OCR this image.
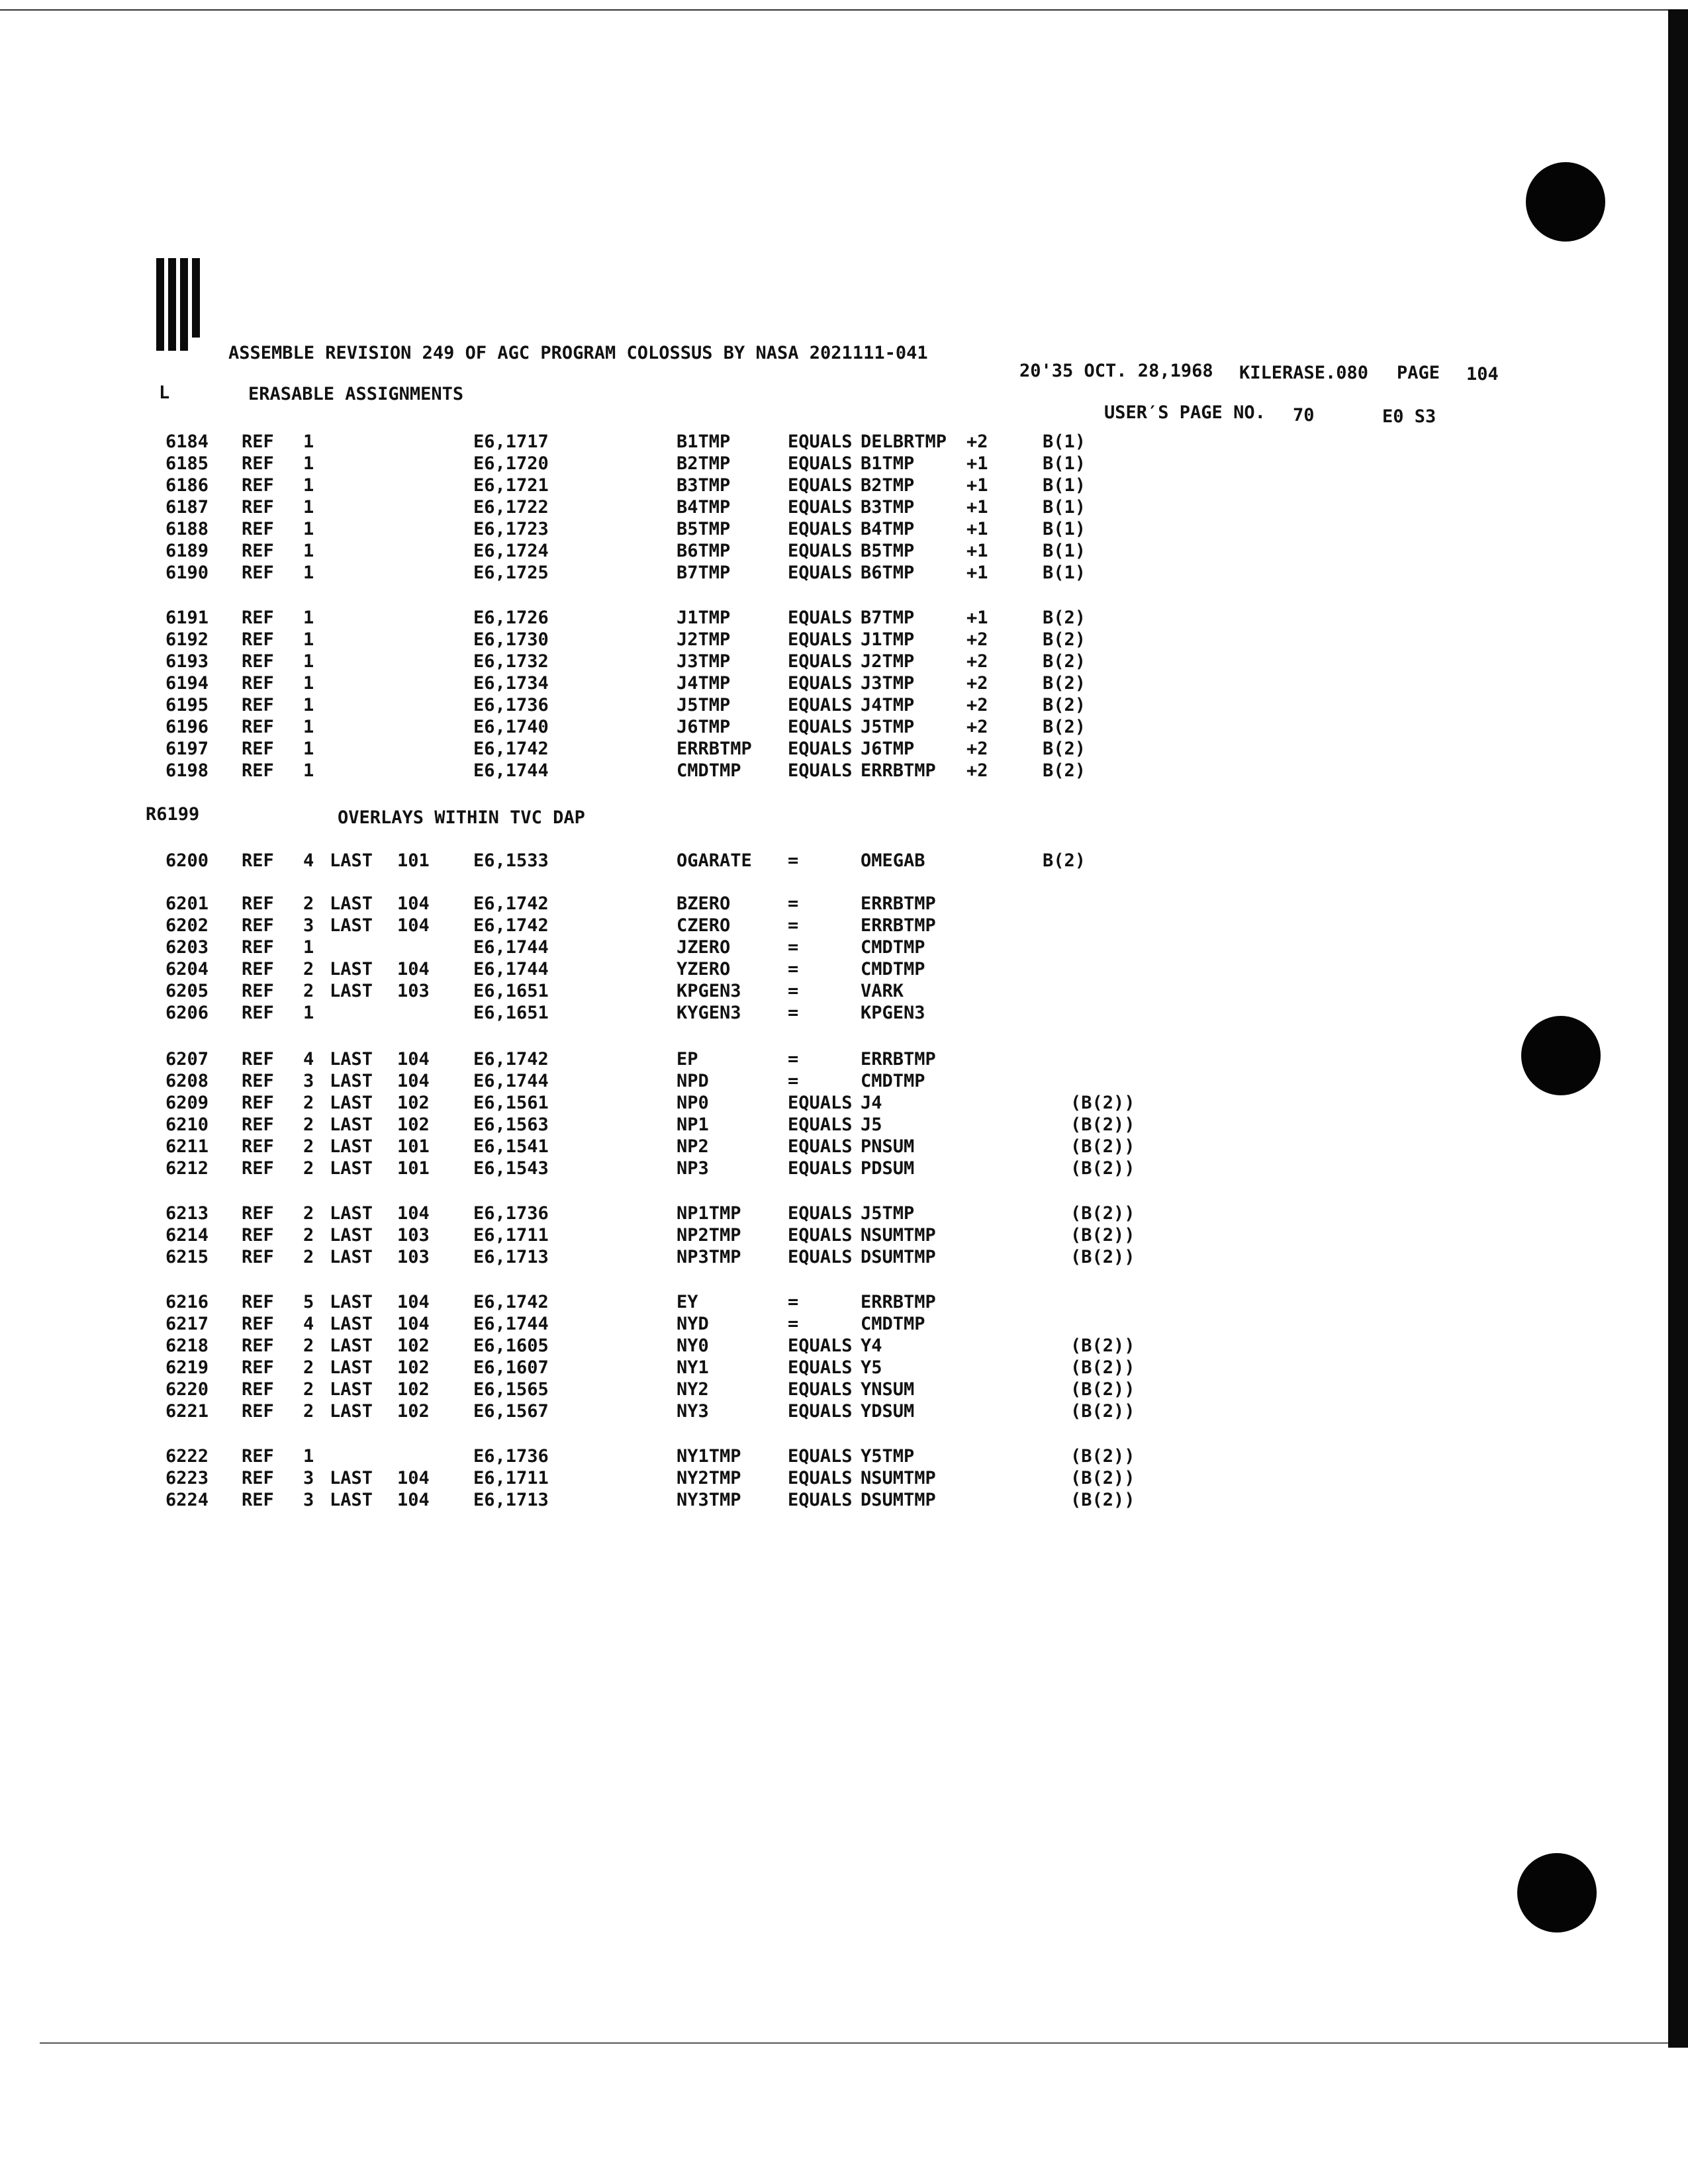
ASSEMBLE REVISION 249 OF AGC PROGRAM COLOSSUS BY NASA 2021111-041
20'35 OCT. 28,1968 KILERASE.080 PAGE 104
L	ERASABLE ASSIGNMENTS
USER′S PAGE NO. 70	E0 S3
R6199	OVERLAYS WITHIN TVC DAP
6184 REF 1	E6,1717	B1TMP	EQUALS DELBRTMP +2	B(1)
6185 REF 1	E6,1720	B2TMP	EQUALS B1TMP	+1	B(1)
6186 REF 1	E6,1721	B3TMP	EQUALS B2TMP	+1	B(1)
6187 REF 1	E6,1722	B4TMP	EQUALS B3TMP	+1	B(1)
6188 REF 1	E6,1723	B5TMP	EQUALS B4TMP	+1	B(1)
6189 REF 1	E6,1724	B6TMP	EQUALS B5TMP	+1	B(1)
6190 REF 1	E6,1725	B7TMP	EQUALS B6TMP	+1	B(1)
6191 REF 1	E6,1726	J1TMP	EQUALS B7TMP	+1	B(2)
6192 REF 1	E6,1730	J2TMP	EQUALS J1TMP	+2	B(2)
6193 REF 1	E6,1732	J3TMP	EQUALS J2TMP	+2	B(2)
6194 REF 1	E6,1734	J4TMP	EQUALS J3TMP	+2	B(2)
6195 REF 1	E6,1736	J5TMP	EQUALS J4TMP	+2	B(2)
6196 REF 1	E6,1740	J6TMP	EQUALS J5TMP	+2	B(2)
6197 REF 1	E6,1742	ERRBTMP EQUALS J6TMP	+2	B(2)
6198 REF 1	E6,1744	CMDTMP	EQUALS ERRBTMP +2	B(2)
6200 REF 4 LAST 101 E6,1533	OGARATE =	OMEGAB	B(2)
6201 REF 2 LAST 104 E6,1742	BZERO	=	ERRBTMP
6202 REF 3 LAST 104 E6,1742	CZERO	=	ERRBTMP
6203 REF 1	E6,1744	JZERO	=	CMDTMP
6204 REF 2 LAST 104 E6,1744	YZERO	=	CMDTMP
6205 REF 2 LAST 103 E6,1651	KPGEN3	=	VARK
6206 REF 1	E6,1651	KYGEN3	=	KPGEN3
6207 REF 4 LAST 104 E6,1742	EP	=	ERRBTMP
6208 REF 3 LAST 104 E6,1744	NPD	=	CMDTMP
6209 REF 2 LAST 102 E6,1561	NP0	EQUALS J4	(B(2))
6210 REF 2 LAST 102 E6,1563	NP1	EQUALS J5	(B(2))
6211 REF 2 LAST 101 E6,1541	NP2	EQUALS PNSUM	(B(2))
6212 REF 2 LAST 101 E6,1543	NP3	EQUALS PDSUM	(B(2))
6213 REF 2 LAST 104 E6,1736	NP1TMP	EQUALS J5TMP	(B(2))
6214 REF 2 LAST 103 E6,1711	NP2TMP	EQUALS NSUMTMP	(B(2))
6215 REF 2 LAST 103 E6,1713	NP3TMP	EQUALS DSUMTMP	(B(2))
6216 REF 5 LAST 104 E6,1742	EY	=	ERRBTMP
6217 REF 4 LAST 104 E6,1744	NYD	=	CMDTMP
6218 REF 2 LAST 102 E6,1605	NY0	EQUALS Y4	(B(2))
6219 REF 2 LAST 102 E6,1607	NY1	EQUALS Y5	(B(2))
6220 REF 2 LAST 102 E6,1565	NY2	EQUALS YNSUM	(B(2))
6221 REF 2 LAST 102 E6,1567	NY3	EQUALS YDSUM	(B(2))
6222 REF 1	E6,1736	NY1TMP	EQUALS Y5TMP	(B(2))
6223 REF 3 LAST 104 E6,1711	NY2TMP	EQUALS NSUMTMP	(B(2))
6224 REF 3 LAST 104 E6,1713	NY3TMP	EQUALS DSUMTMP	(B(2))
